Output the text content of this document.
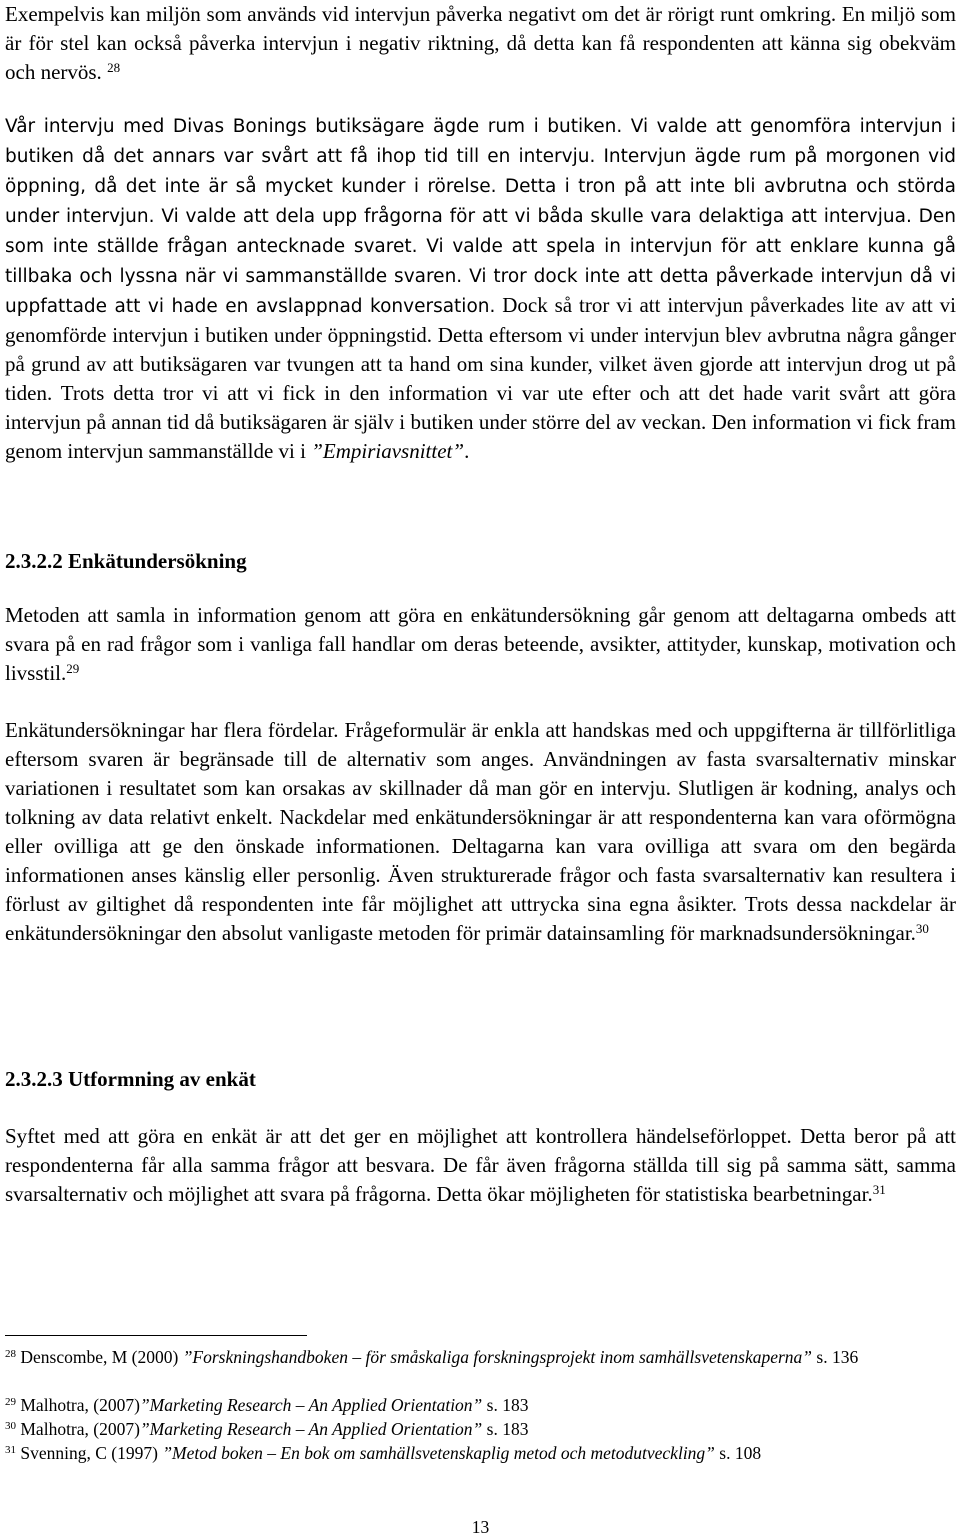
Exempelvis kan miljön som används vid intervjun påverka negativt om det är rörigt runt omkring. En miljö som är för stel kan också påverka intervjun i negativ riktning, då detta kan få respondenten att känna sig obekväm och nervös. $^{28}$

Vår intervju med Divas Bonings butiksägare ägde rum i butiken. Vi valde att genomföra intervjun i butiken då det annars var svårt att få ihop tid till en intervju. Intervjun ägde rum på morgonen vid öppning, då det inte är så mycket kunder i rörelse. Detta i tron på att inte bli avbrutna och störda under intervjun. Vi valde att dela upp frågorna för att vi båda skulle vara delaktiga att intervjua. Den som inte ställde frågan antecknade svaret. Vi valde att spela in intervjun för att enklare kunna gå tillbaka och lyssna när vi sammanställde svaren. Vi tror dock inte att detta påverkade intervjun då vi uppfattade att vi hade en avslappnad konversation. Dock så tror vi att intervjun påverkades lite av att vi genomförde intervjun i butiken under öppningstid. Detta eftersom vi under intervjun blev avbrutna några gånger på grund av att butiksägaren var tvungen att ta hand om sina kunder, vilket även gjorde att intervjun drog ut på tiden. Trots detta tror vi att vi fick in den information vi var ute efter och att det hade varit svårt att göra intervjun på annan tid då butiksägaren är själv i butiken under större del av veckan. Den information vi fick fram genom intervjun sammanställde vi i ”Empiriavsnittet”.

2.3.2.2 Enkätundersökning

Metoden att samla in information genom att göra en enkätundersökning går genom att deltagarna ombeds att svara på en rad frågor som i vanliga fall handlar om deras beteende, avsikter, attityder, kunskap, motivation och livsstil.$^{29}$

Enkätundersökningar har flera fördelar. Frågeformulär är enkla att handskas med och uppgifterna är tillförlitliga eftersom svaren är begränsade till de alternativ som anges. Användningen av fasta svarsalternativ minskar variationen i resultatet som kan orsakas av skillnader då man gör en intervju. Slutligen är kodning, analys och tolkning av data relativt enkelt. Nackdelar med enkätundersökningar är att respondenterna kan vara oförmögna eller ovilliga att ge den önskade informationen. Deltagarna kan vara ovilliga att svara om den begärda informationen anses känslig eller personlig. Även strukturerade frågor och fasta svarsalternativ kan resultera i förlust av giltighet då respondenten inte får möjlighet att uttrycka sina egna åsikter. Trots dessa nackdelar är enkätundersökningar den absolut vanligaste metoden för primär datainsamling för marknadsundersökningar.$^{30}$

2.3.2.3 Utformning av enkät

Syftet med att göra en enkät är att det ger en möjlighet att kontrollera händelseförloppet. Detta beror på att respondenterna får alla samma frågor att besvara. De får även frågorna ställda till sig på samma sätt, samma svarsalternativ och möjlighet att svara på frågorna. Detta ökar möjligheten för statistiska bearbetningar.$^{31}$

$^{28}$ Denscombe, M (2000) ”Forskningshandboken – för småskaliga forskningsprojekt inom samhällsvetenskaperna” s. 136
$^{29}$ Malhotra, (2007)”Marketing Research – An Applied Orientation” s. 183
$^{30}$ Malhotra, (2007)”Marketing Research – An Applied Orientation” s. 183
$^{31}$ Svenning, C (1997) ”Metod boken – En bok om samhällsvetenskaplig metod och metodutveckling” s. 108
13
